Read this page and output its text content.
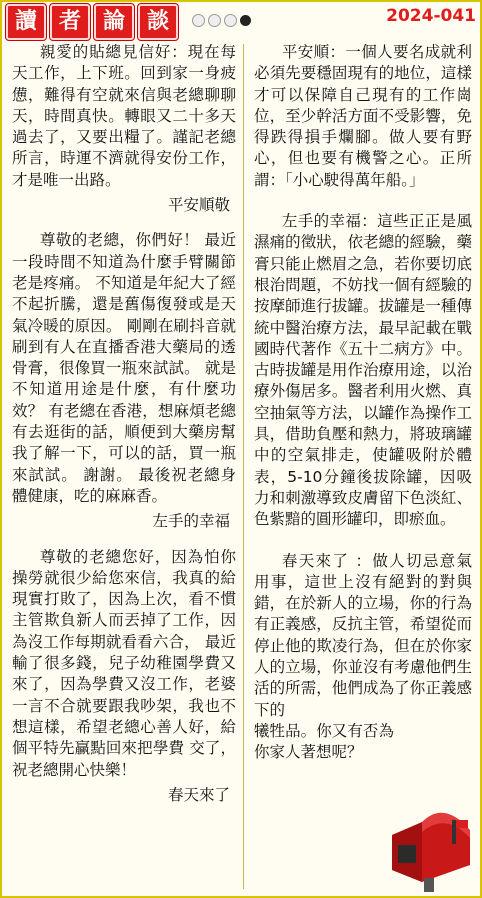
讀 者 論 談	2024-041

親愛的貼總見信好：現在每天工作，上下班。回到家一身疲憊，難得有空就來信與老總聊聊天，時間真快。轉眼又二十多天過去了，又要出糧了。謹記老總所言，時運不濟就得安份工作，才是唯一出路。

平安順敬

尊敬的老總，你們好！ 最近一段時間不知道為什麼手臂關節老是疼痛。 不知道是年紀大了經不起折騰，還是舊傷復發或是天氣冷暖的原因。 剛剛在刷抖音就刷到有人在直播香港大藥局的透骨膏，很像買一瓶來試試。 就是不知道用途是什麼，有什麼功效？ 有老總在香港，想麻煩老總有去逛街的話，順便到大藥房幫我了解一下，可以的話，買一瓶來試試。 謝謝。 最後祝老總身體健康，吃的麻麻香。

左手的幸福

尊敬的老總您好，因為怕你操勞就很少給您來信，我真的給現實打敗了，因為上次，看不慣主管欺負新人而丟掉了工作，因為沒工作每期就看看六合， 最近輸了很多錢，兒子幼稚園學費又來了，因為學費又沒工作，老婆一言不合就要跟我吵架，我也不想這樣，希望老總心善人好，給個平特先贏點回來把學費 交了，祝老總開心快樂！

春天來了

平安順：一個人要名成就利必須先要穩固現有的地位，這樣才可以保障自己現有的工作崗位，至少幹活方面不受影響，免得跌得損手爛腳。做人要有野心，但也要有機警之心。正所謂：「小心駛得萬年船。」

左手的幸福：這些正正是風濕痛的徵狀，依老總的經驗，藥膏只能止燃眉之急，若你要切底根治問題，不妨找一個有經驗的按摩師進行拔罐。拔罐是一種傳統中醫治療方法，最早記載在戰國時代著作《五十二病方》中。古時拔罐是用作治療用途，以治療外傷居多。醫者利用火燃、真空抽氣等方法，以罐作為操作工具，借助負壓和熱力，將玻璃罐中的空氣排走，使罐吸附於體表，5-10分鐘後拔除罐，因吸力和刺激導致皮膚留下色淡紅、色紫黯的圓形罐印，即瘀血。

春天來了 ：做人切忌意氣用事，這世上沒有絕對的對與錯，在於新人的立場，你的行為有正義感，反抗主管，希望從而停止他的欺凌行為，但在於你家人的立場，你並沒有考慮他們生活的所需，他們成為了你正義感下的

犧牲品。你又有否為你家人著想呢？
